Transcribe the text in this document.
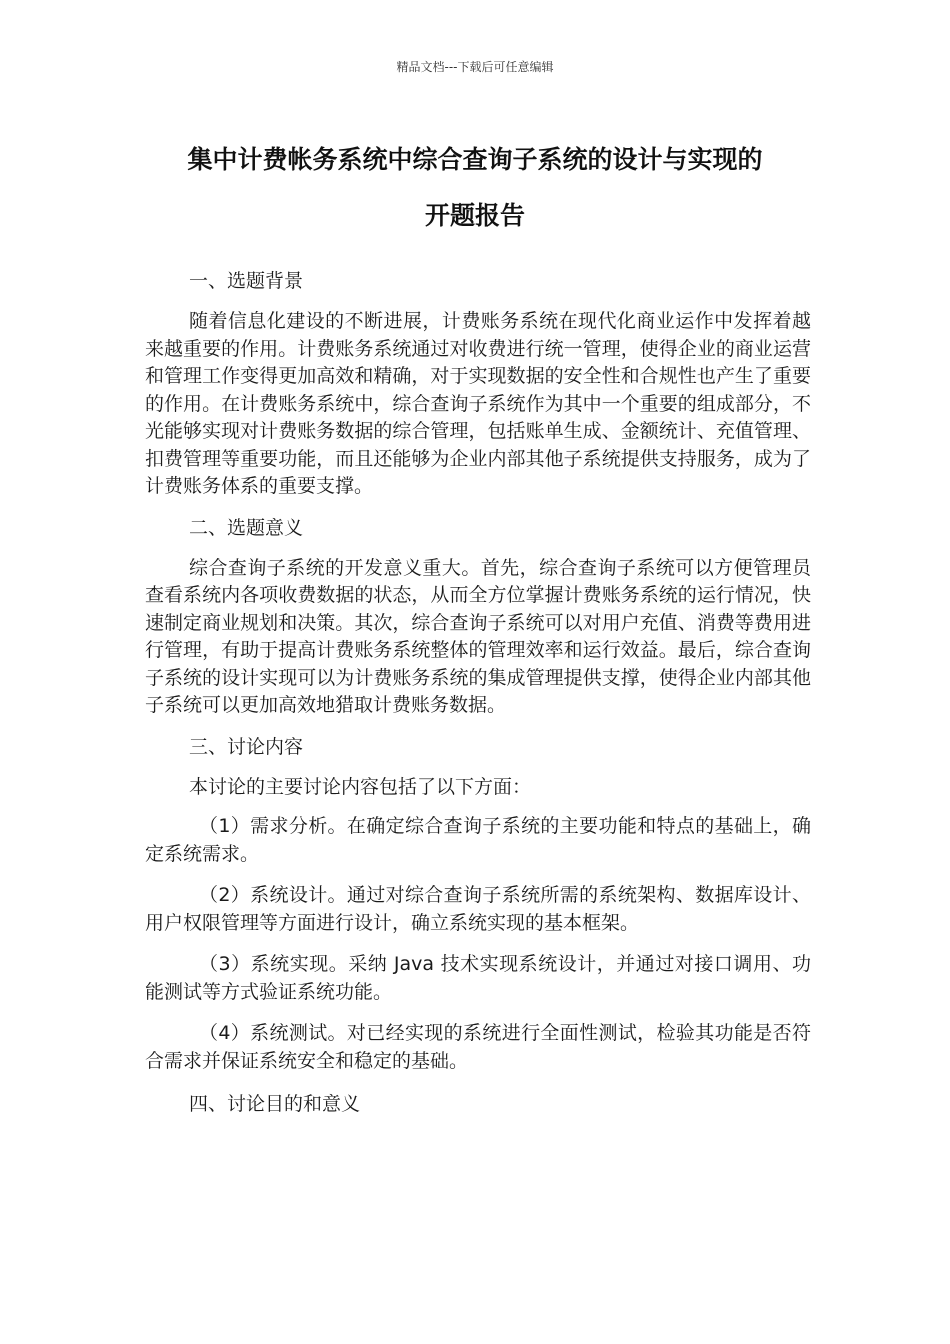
精品文档---下载后可任意编辑
集中计费帐务系统中综合查询子系统的设计与实现的
开题报告
一、选题背景

随着信息化建设的不断进展，计费账务系统在现代化商业运作中发挥着越来越重要的作用。计费账务系统通过对收费进行统一管理，使得企业的商业运营和管理工作变得更加高效和精确，对于实现数据的安全性和合规性也产生了重要的作用。在计费账务系统中，综合查询子系统作为其中一个重要的组成部分，不光能够实现对计费账务数据的综合管理，包括账单生成、金额统计、充值管理、扣费管理等重要功能，而且还能够为企业内部其他子系统提供支持服务，成为了计费账务体系的重要支撑。

二、选题意义

综合查询子系统的开发意义重大。首先，综合查询子系统可以方便管理员查看系统内各项收费数据的状态，从而全方位掌握计费账务系统的运行情况，快速制定商业规划和决策。其次，综合查询子系统可以对用户充值、消费等费用进行管理，有助于提高计费账务系统整体的管理效率和运行效益。最后，综合查询子系统的设计实现可以为计费账务系统的集成管理提供支撑，使得企业内部其他子系统可以更加高效地猎取计费账务数据。

三、讨论内容

本讨论的主要讨论内容包括了以下方面：

（1）需求分析。在确定综合查询子系统的主要功能和特点的基础上，确定系统需求。

（2）系统设计。通过对综合查询子系统所需的系统架构、数据库设计、用户权限管理等方面进行设计，确立系统实现的基本框架。

（3）系统实现。采纳 Java 技术实现系统设计，并通过对接口调用、功能测试等方式验证系统功能。

（4）系统测试。对已经实现的系统进行全面性测试，检验其功能是否符合需求并保证系统安全和稳定的基础。

四、讨论目的和意义
